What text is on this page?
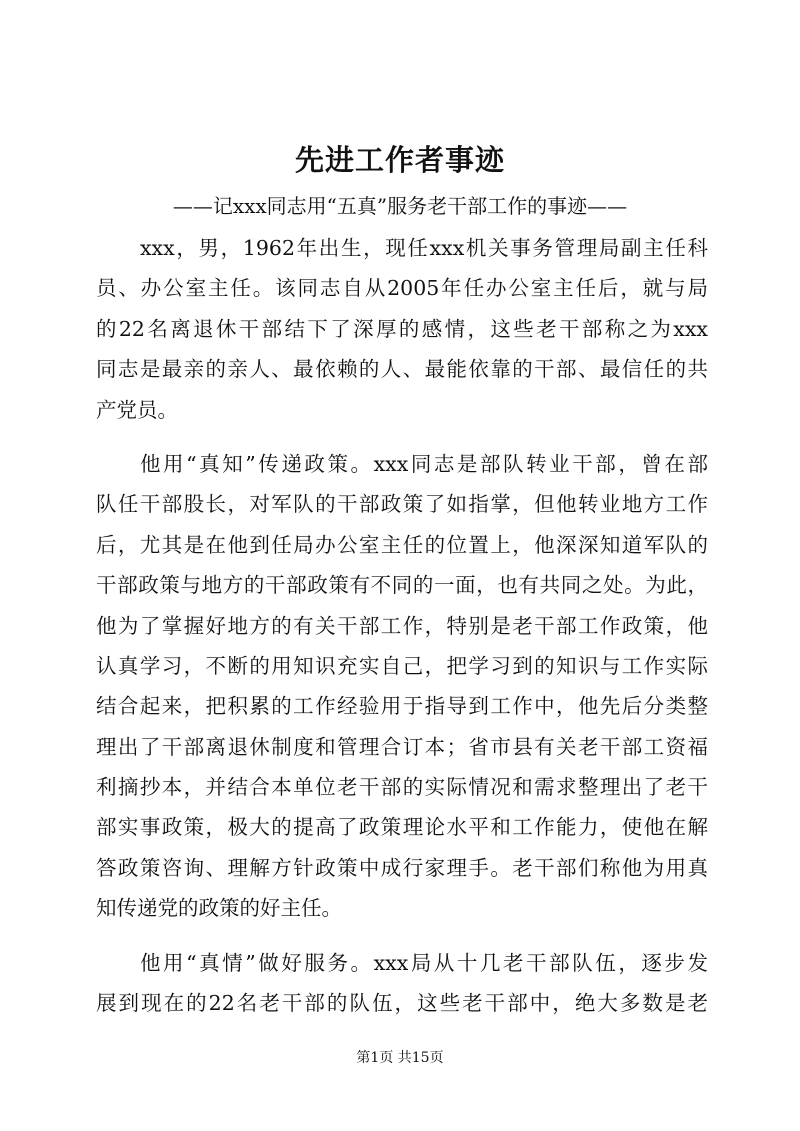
先进工作者事迹
——记xxx同志用“五真”服务老干部工作的事迹——
xxx，男，1962年出生，现任xxx机关事务管理局副主任科
员、办公室主任。该同志自从2005年任办公室主任后，就与局
的22名离退休干部结下了深厚的感情，这些老干部称之为xxx
同志是最亲的亲人、最依赖的人、最能依靠的干部、最信任的共
产党员。
他用“真知”传递政策。xxx同志是部队转业干部，曾在部
队任干部股长，对军队的干部政策了如指掌，但他转业地方工作
后，尤其是在他到任局办公室主任的位置上，他深深知道军队的
干部政策与地方的干部政策有不同的一面，也有共同之处。为此，
他为了掌握好地方的有关干部工作，特别是老干部工作政策，他
认真学习，不断的用知识充实自己，把学习到的知识与工作实际
结合起来，把积累的工作经验用于指导到工作中，他先后分类整
理出了干部离退休制度和管理合订本；省市县有关老干部工资福
利摘抄本，并结合本单位老干部的实际情况和需求整理出了老干
部实事政策，极大的提高了政策理论水平和工作能力，使他在解
答政策咨询、理解方针政策中成行家理手。老干部们称他为用真
知传递党的政策的好主任。
他用“真情”做好服务。xxx局从十几老干部队伍，逐步发
展到现在的22名老干部的队伍，这些老干部中，绝大多数是老
第1页 共15页
